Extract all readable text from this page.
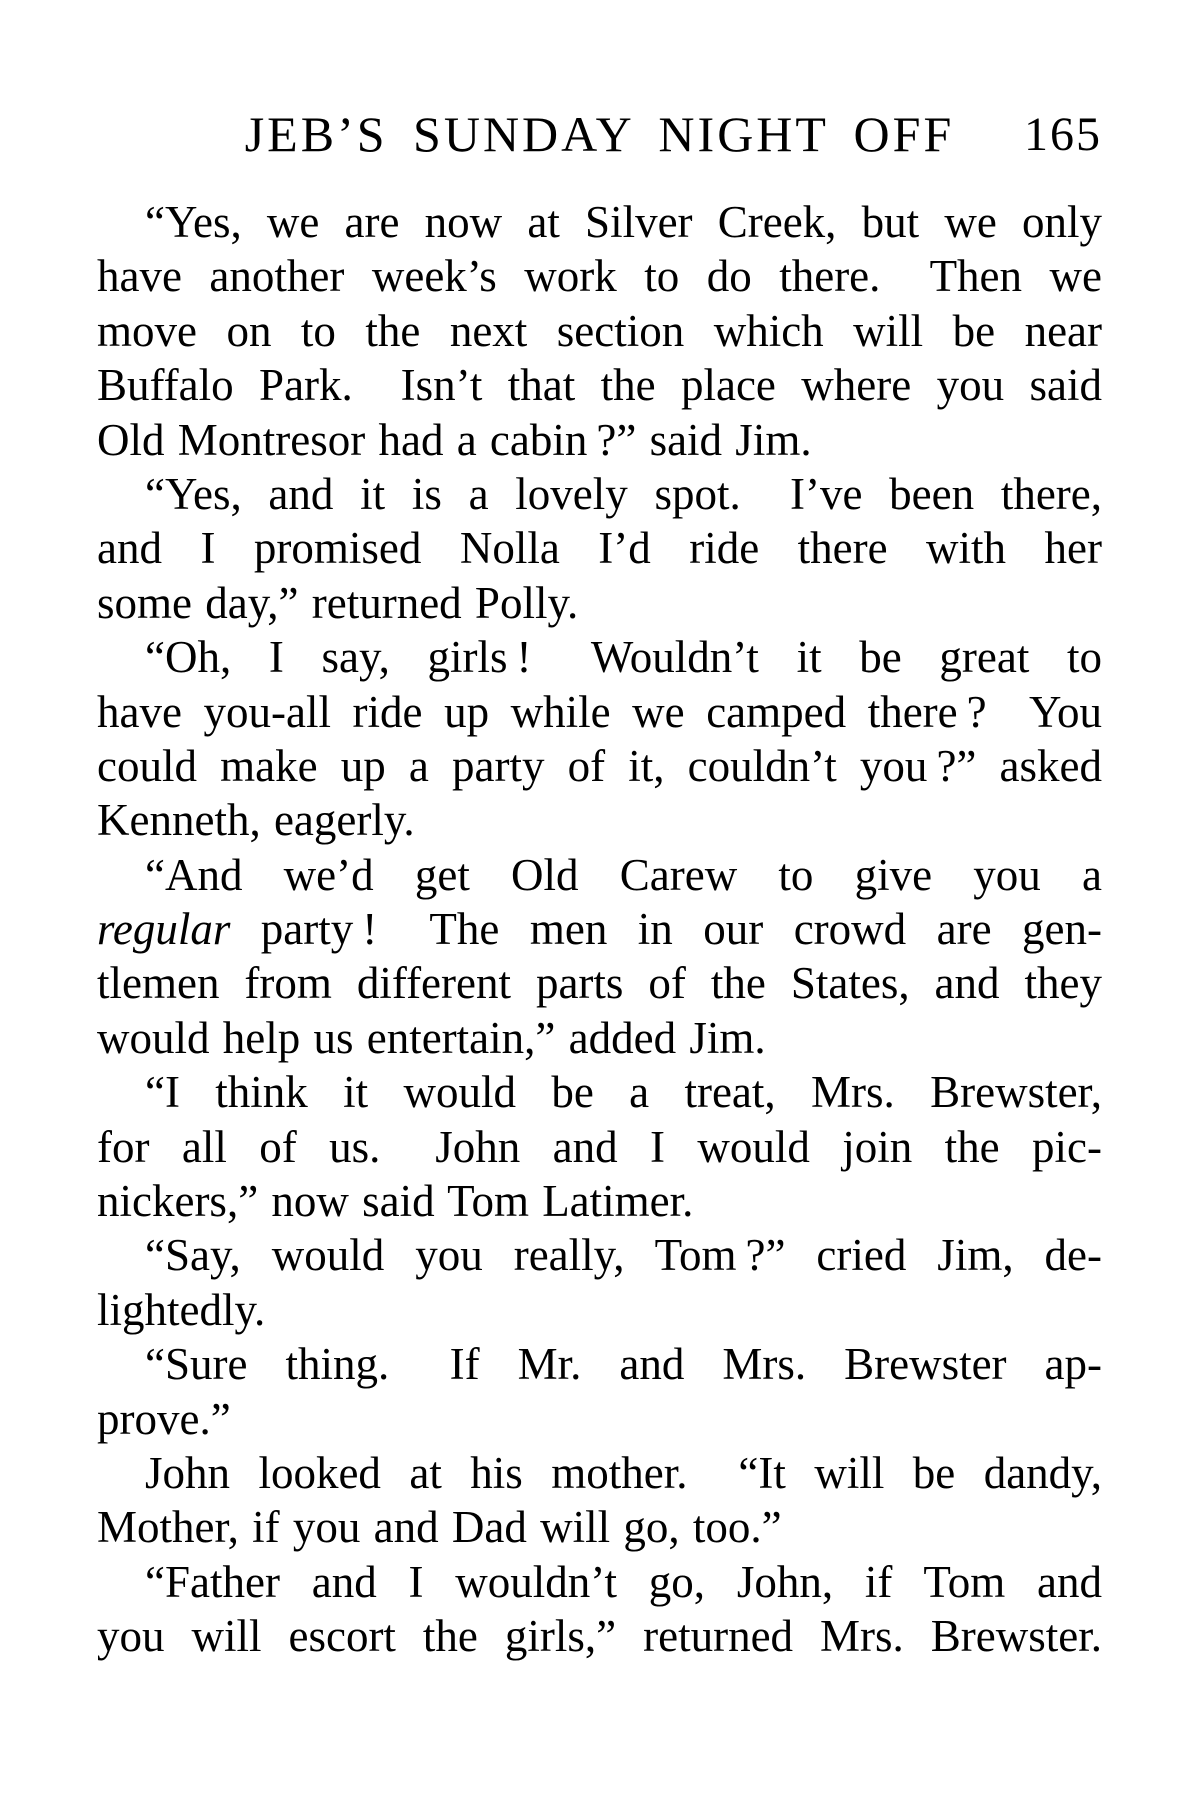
JEB’S SUNDAY NIGHT OFF 165
“Yes, we are now at Silver Creek, but we only
have another week’s work to do there.  Then we
move on to the next section which will be near
Buffalo Park.  Isn’t that the place where you said
Old Montresor had a cabin ?” said Jim.
“Yes, and it is a lovely spot.  I’ve been there,
and I promised Nolla I’d ride there with her
some day,” returned Polly.
“Oh, I say, girls !  Wouldn’t it be great to
have you-all ride up while we camped there ?  You
could make up a party of it, couldn’t you ?” asked
Kenneth, eagerly.
“And we’d get Old Carew to give you a
regular party !  The men in our crowd are gen-
tlemen from different parts of the States, and they
would help us entertain,” added Jim.
“I think it would be a treat, Mrs. Brewster,
for all of us.  John and I would join the pic-
nickers,” now said Tom Latimer.
“Say, would you really, Tom ?” cried Jim, de-
lightedly.
“Sure thing.  If Mr. and Mrs. Brewster ap-
prove.”
John looked at his mother.  “It will be dandy,
Mother, if you and Dad will go, too.”
“Father and I wouldn’t go, John, if Tom and
you will escort the girls,” returned Mrs. Brewster.
